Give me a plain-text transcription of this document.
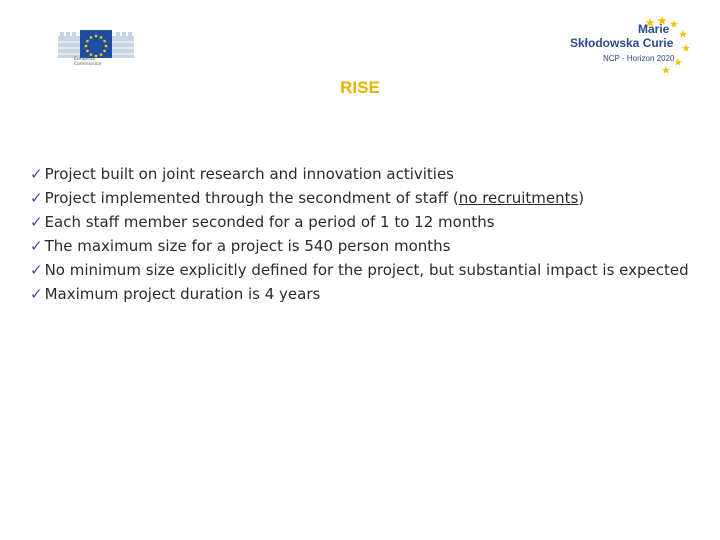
European Commission
Marie
Skłodowska Curie
NCP - Horizon 2020
RISE
✓ Project built on joint research and innovation activities
✓ Project implemented through the secondment of staff (no recruitments)
✓ Each staff member seconded for a period of 1 to 12 months
✓ The maximum size for a project is 540 person months
✓ No minimum size explicitly defined for the project, but substantial impact is expected
✓ Maximum project duration is 4 years
